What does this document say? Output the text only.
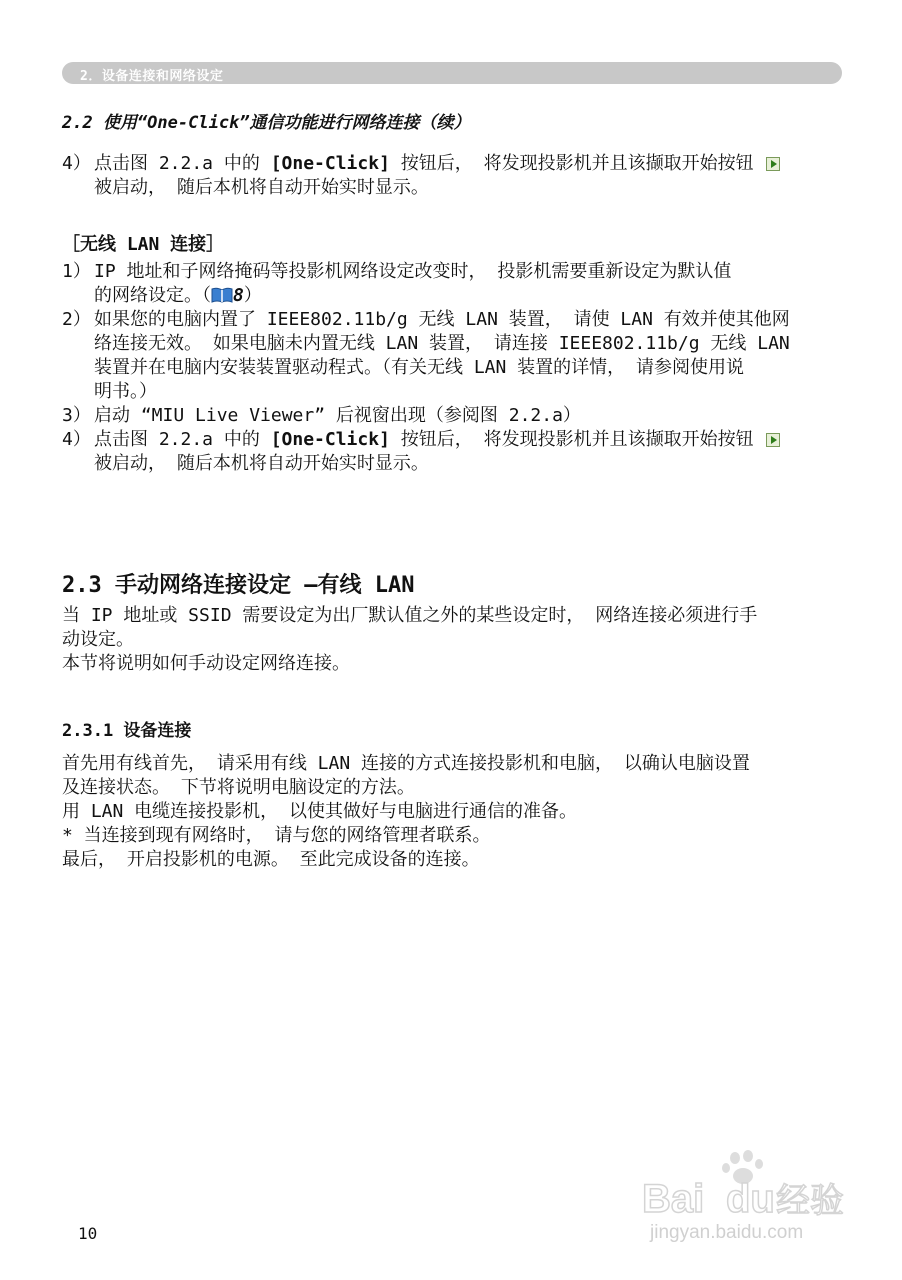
2．设备连接和网络设定
2.2 使用“One-Click”通信功能进行网络连接（续）
4） 点击图 2.2.a 中的 [One-Click] 按钮后， 将发现投影机并且该撷取开始按钮
被启动， 随后本机将自动开始实时显示。
［无线 LAN 连接］
1） IP 地址和子网络掩码等投影机网络设定改变时， 投影机需要重新设定为默认值
的网络设定。（ 8）
2） 如果您的电脑内置了 IEEE802.11b/g 无线 LAN 装置， 请使 LAN 有效并使其他网
络连接无效。 如果电脑未内置无线 LAN 装置， 请连接 IEEE802.11b/g 无线 LAN
装置并在电脑内安装装置驱动程式。（有关无线 LAN 装置的详情， 请参阅使用说
明书。）
3） 启动 “MIU Live Viewer” 后视窗出现（参阅图 2.2.a）
4） 点击图 2.2.a 中的 [One-Click] 按钮后， 将发现投影机并且该撷取开始按钮
被启动， 随后本机将自动开始实时显示。
2.3 手动网络连接设定 —有线 LAN
当 IP 地址或 SSID 需要设定为出厂默认值之外的某些设定时， 网络连接必须进行手
动设定。
本节将说明如何手动设定网络连接。
2.3.1 设备连接
首先用有线首先， 请采用有线 LAN 连接的方式连接投影机和电脑， 以确认电脑设置
及连接状态。 下节将说明电脑设定的方法。
用 LAN 电缆连接投影机， 以使其做好与电脑进行通信的准备。
* 当连接到现有网络时， 请与您的网络管理者联系。
最后， 开启投影机的电源。 至此完成设备的连接。
10
Bai du 经验
jingyan.baidu.com
